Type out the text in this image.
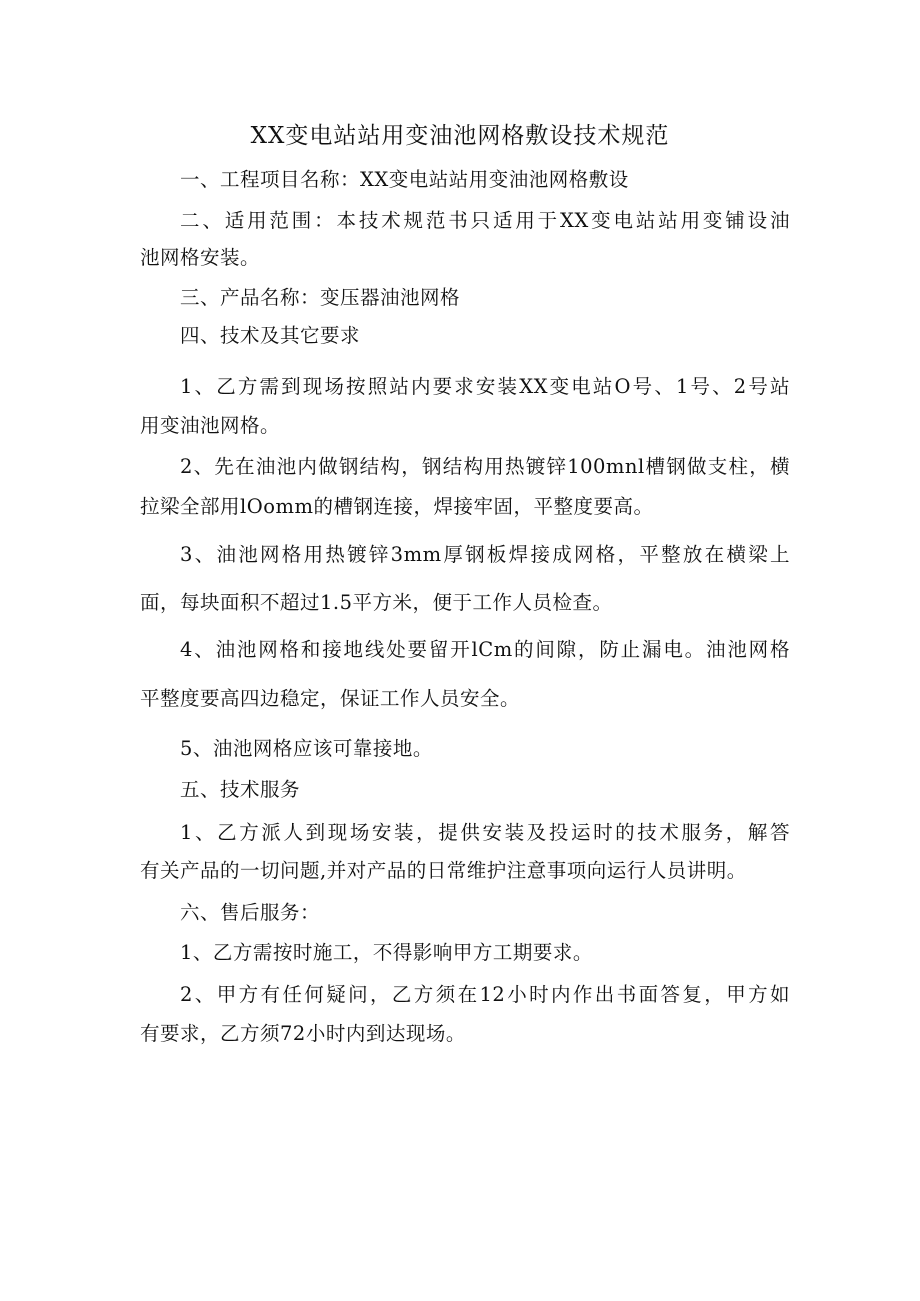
XX变电站站用变油池网格敷设技术规范
一、工程项目名称：XX变电站站用变油池网格敷设
二、适用范围：本技术规范书只适用于XX变电站站用变铺设油
池网格安装。
三、产品名称：变压器油池网格
四、技术及其它要求
1、乙方需到现场按照站内要求安装XX变电站O号、1号、2号站
用变油池网格。
2、先在油池内做钢结构，钢结构用热镀锌100mnl槽钢做支柱，横
拉梁全部用lOomm的槽钢连接，焊接牢固，平整度要高。
3、油池网格用热镀锌3mm厚钢板焊接成网格，平整放在横梁上
面，每块面积不超过1.5平方米，便于工作人员检查。
4、油池网格和接地线处要留开lCm的间隙，防止漏电。油池网格
平整度要高四边稳定，保证工作人员安全。
5、油池网格应该可靠接地。
五、技术服务
1、乙方派人到现场安装，提供安装及投运时的技术服务，解答
有关产品的一切问题,并对产品的日常维护注意事项向运行人员讲明。
六、售后服务：
1、乙方需按时施工，不得影响甲方工期要求。
2、甲方有任何疑问，乙方须在12小时内作出书面答复，甲方如
有要求，乙方须72小时内到达现场。
